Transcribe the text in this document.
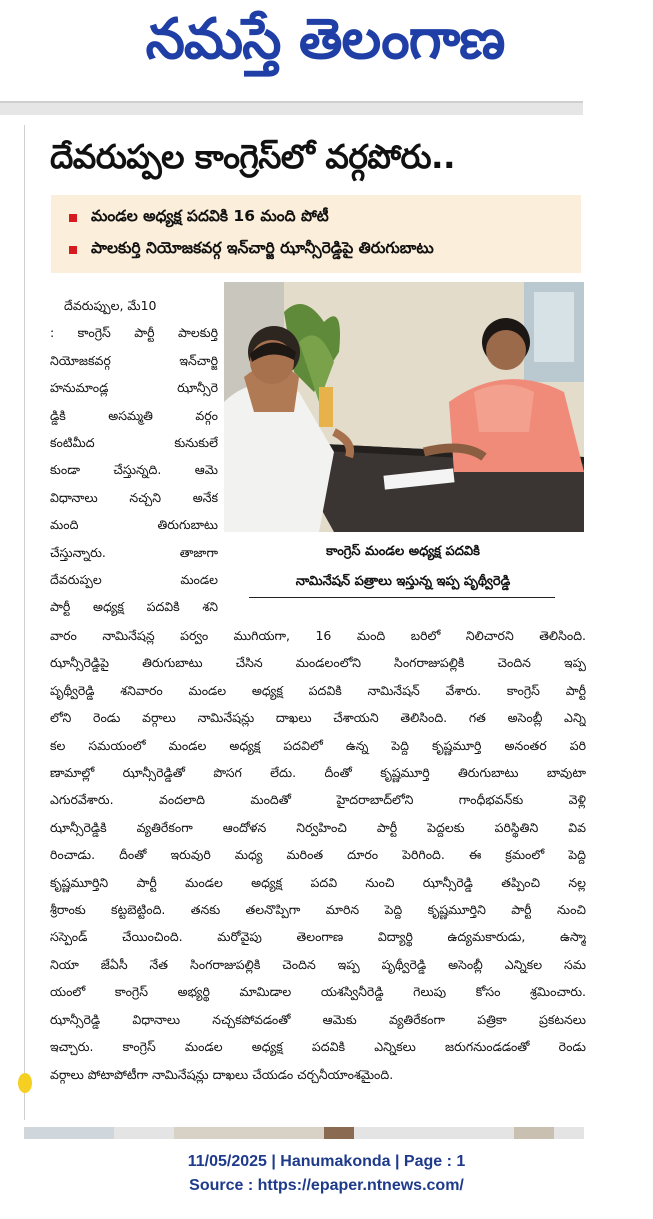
నమస్తే తెలంగాణ
దేవరుప్పల కాంగ్రెస్‌లో వర్గపోరు..
మండల అధ్యక్ష పదవికి 16 మంది పోటీ
పాలకుర్తి నియోజకవర్గ ఇన్‌చార్జి ఝాన్సీరెడ్డిపై తిరుగుబాటు
దేవరుప్పుల, మే10
: కాంగ్రెస్ పార్టీ పాలకుర్తి
నియోజకవర్గ ఇన్‌చార్జి
హనుమాండ్ల ఝాన్సీరె
డ్డికి అసమ్మతి వర్గం
కంటిమీద కునుకులే
కుండా చేస్తున్నది. ఆమె
విధానాలు నచ్చని అనేక
మంది తిరుగుబాటు
చేస్తున్నారు. తాజాగా
దేవరుప్పల మండల
పార్టీ అధ్యక్ష పదవికి శని
కాంగ్రెస్ మండల అధ్యక్ష పదవికి
నామినేషన్ పత్రాలు ఇస్తున్న ఇప్ప పృథ్వీరెడ్డి
వారం నామినేషన్ల పర్వం ముగియగా, 16 మంది బరిలో నిలిచారని తెలిసింది.
ఝాన్సీరెడ్డిపై తిరుగుబాటు చేసిన మండలంలోని సింగరాజుపల్లికి చెందిన ఇప్ప
పృథ్వీరెడ్డి శనివారం మండల అధ్యక్ష పదవికి నామినేషన్ వేశారు. కాంగ్రెస్ పార్టీ
లోని రెండు వర్గాలు నామినేషన్లు దాఖలు చేశాయని తెలిసింది. గత అసెంబ్లీ ఎన్ని
కల సమయంలో మండల అధ్యక్ష పదవిలో ఉన్న పెద్ది కృష్ణమూర్తి అనంతర పరి
ణామాల్లో ఝాన్సీరెడ్డితో పొసగ లేదు. దీంతో కృష్ణమూర్తి తిరుగుబాటు బావుటా
ఎగురవేశారు. వందలాది మందితో హైదరాబాద్‌లోని గాంధీభవన్‌కు వెళ్లి
ఝాన్సీరెడ్డికి వ్యతిరేకంగా ఆందోళన నిర్వహించి పార్టీ పెద్దలకు పరిస్థితిని వివ
రించాడు. దీంతో ఇరువురి మధ్య మరింత దూరం పెరిగింది. ఈ క్రమంలో పెద్ది
కృష్ణమూర్తిని పార్టీ మండల అధ్యక్ష పదవి నుంచి ఝాన్సీరెడ్డి తప్పించి నల్ల
శ్రీరాంకు కట్టబెట్టింది. తనకు తలనొప్పిగా మారిన పెద్ది కృష్ణమూర్తిని పార్టీ నుంచి
సస్పెండ్ చేయించింది. మరోవైపు తెలంగాణ విద్యార్థి ఉద్యమకారుడు, ఉస్మా
నియా జేఏసీ నేత సింగరాజుపల్లికి చెందిన ఇప్ప పృథ్వీరెడ్డి అసెంబ్లీ ఎన్నికల సమ
యంలో కాంగ్రెస్ అభ్యర్థి మామిడాల యశస్వినీరెడ్డి గెలుపు కోసం శ్రమించారు.
ఝాన్సీరెడ్డి విధానాలు నచ్చకపోవడంతో ఆమెకు వ్యతిరేకంగా పత్రికా ప్రకటనలు
ఇచ్చారు. కాంగ్రెస్ మండల అధ్యక్ష పదవికి ఎన్నికలు జరుగనుండడంతో రెండు
వర్గాలు పోటాపోటీగా నామినేషన్లు దాఖలు చేయడం చర్చనీయాంశమైంది.
11/05/2025 | Hanumakonda | Page : 1
Source : https://epaper.ntnews.com/
